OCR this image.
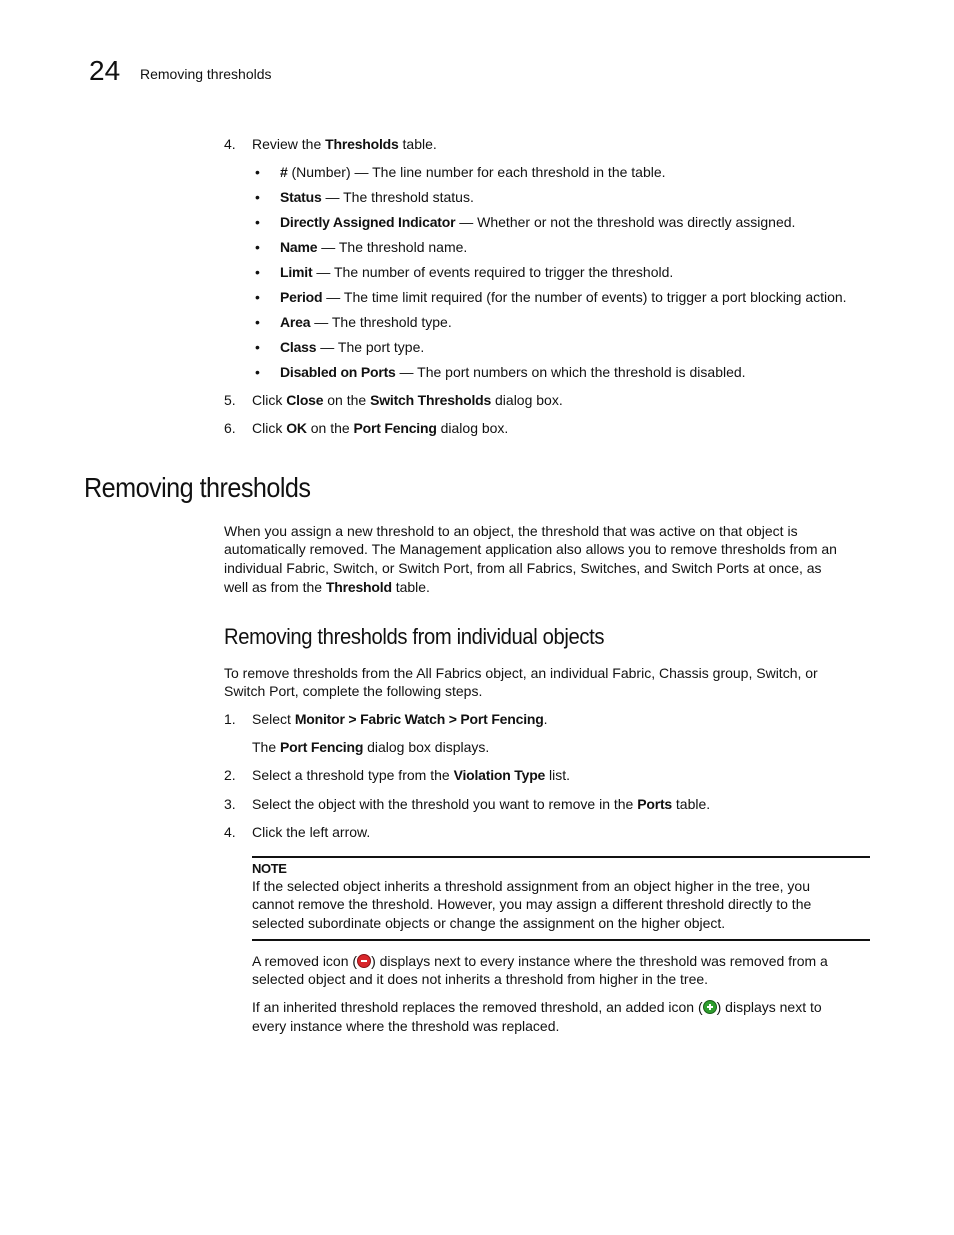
24 Removing thresholds
4. Review the Thresholds table.
• # (Number) — The line number for each threshold in the table.
• Status — The threshold status.
• Directly Assigned Indicator — Whether or not the threshold was directly assigned.
• Name — The threshold name.
• Limit — The number of events required to trigger the threshold.
• Period — The time limit required (for the number of events) to trigger a port blocking action.
• Area — The threshold type.
• Class — The port type.
• Disabled on Ports — The port numbers on which the threshold is disabled.
5. Click Close on the Switch Thresholds dialog box.
6. Click OK on the Port Fencing dialog box.
Removing thresholds
When you assign a new threshold to an object, the threshold that was active on that object is
automatically removed. The Management application also allows you to remove thresholds from an
individual Fabric, Switch, or Switch Port, from all Fabrics, Switches, and Switch Ports at once, as
well as from the Threshold table.
Removing thresholds from individual objects
To remove thresholds from the All Fabrics object, an individual Fabric, Chassis group, Switch, or
Switch Port, complete the following steps.
1. Select Monitor > Fabric Watch > Port Fencing.
The Port Fencing dialog box displays.
2. Select a threshold type from the Violation Type list.
3. Select the object with the threshold you want to remove in the Ports table.
4. Click the left arrow.
NOTE
If the selected object inherits a threshold assignment from an object higher in the tree, you
cannot remove the threshold. However, you may assign a different threshold directly to the
selected subordinate objects or change the assignment on the higher object.
A removed icon ( ) displays next to every instance where the threshold was removed from a
selected object and it does not inherits a threshold from higher in the tree.
If an inherited threshold replaces the removed threshold, an added icon ( ) displays next to
every instance where the threshold was replaced.
